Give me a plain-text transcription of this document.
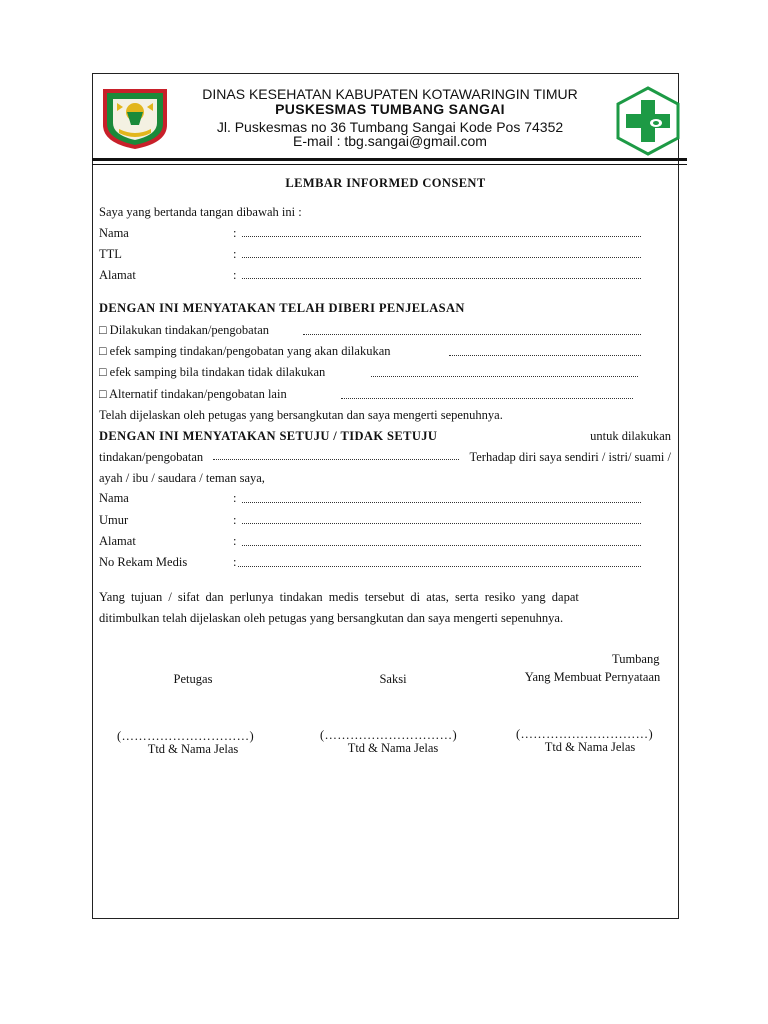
DINAS KESEHATAN KABUPATEN KOTAWARINGIN TIMUR
PUSKESMAS TUMBANG SANGAI
Jl. Puskesmas no 36 Tumbang Sangai Kode Pos 74352
E-mail : tbg.sangai@gmail.com
LEMBAR INFORMED CONSENT
Saya yang bertanda tangan dibawah ini :
Nama	:
TTL	:
Alamat	:
DENGAN INI MENYATAKAN TELAH DIBERI PENJELASAN
□ Dilakukan tindakan/pengobatan
□ efek samping tindakan/pengobatan yang akan dilakukan
□ efek samping bila tindakan tidak dilakukan
□ Alternatif tindakan/pengobatan lain
Telah dijelaskan oleh petugas yang bersangkutan dan saya mengerti sepenuhnya.
DENGAN INI MENYATAKAN SETUJU / TIDAK SETUJU	untuk dilakukan
tindakan/pengobatan	Terhadap diri saya sendiri / istri/ suami /
ayah / ibu / saudara / teman saya,
Nama	:
Umur	:
Alamat	:
No Rekam Medis	:
Yang tujuan / sifat dan perlunya tindakan medis tersebut di atas, serta resiko yang dapat
ditimbulkan telah dijelaskan oleh petugas yang bersangkutan dan saya mengerti sepenuhnya.
Tumbang
Petugas	Saksi	Yang Membuat Pernyataan
(…………………………)	(…………………………)	(…………………………)
Ttd & Nama Jelas	Ttd & Nama Jelas	Ttd & Nama Jelas
